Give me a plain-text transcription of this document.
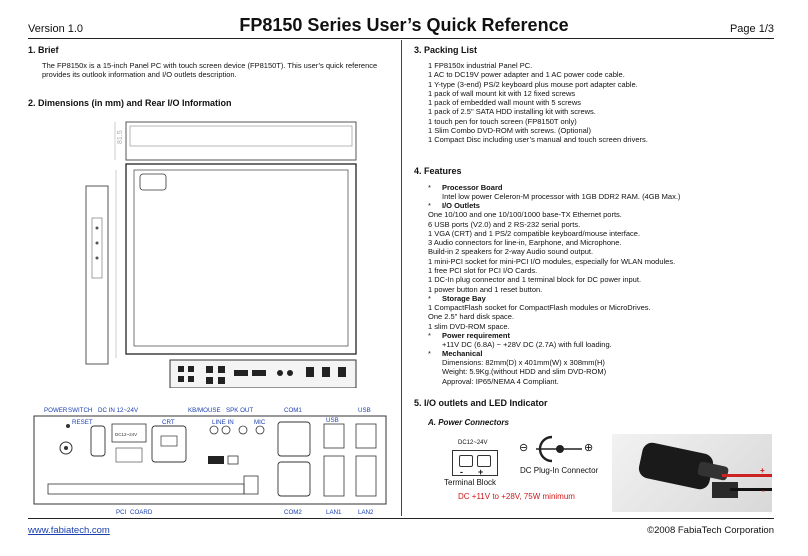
Version 1.0	FP8150 Series User’s Quick Reference	Page 1/3
1. Brief
The FP8150x is a 15-inch Panel PC with touch screen device (FP8150T). This user’s quick reference provides its outlook information and I/O outlets description.
2. Dimensions (in mm) and Rear I/O Information
81.5
DC12~24V
POWER SWITCH
RESET
DC IN 12~24V
CRT
KB/MOUSE SPK OUT
LINE IN	MIC
COM1
USB
USB
PCI COARD	COM2	LAN1	LAN2
3. Packing List
1 FP8150x industrial Panel PC.
1 AC to DC19V power adapter and 1 AC power code cable.
1 Y-type (3-end) PS/2 keyboard plus mouse port adapter cable.
1 pack of wall mount kit with 12 fixed screws
1 pack of embedded wall mount with 5 screws
1 pack of 2.5" SATA HDD installing kit with screws.
1 touch pen for touch screen (FP8150T only)
1 Slim Combo DVD-ROM with screws. (Optional)
1 Compact Disc including user’s manual and touch screen drivers.
4. Features
* Processor Board
Intel low power Celeron-M processor with 1GB DDR2 RAM. (4GB Max.)
* I/O Outlets
One 10/100 and one 10/100/1000 base-TX Ethernet ports.
6 USB ports (V2.0) and 2 RS-232 serial ports.
1 VGA (CRT) and 1 PS/2 compatible keyboard/mouse interface.
3 Audio connectors for line-in, Earphone, and Microphone.
Build-in 2 speakers for 2-way Audio sound output.
1 mini-PCI socket for mini-PCI I/O modules, especially for WLAN modules.
1 free PCI slot for PCI I/O Cards.
1 DC-In plug connector and 1 terminal block for DC power input.
1 power button and 1 reset button.
* Storage Bay
1 CompactFlash socket for CompactFlash modules or MicroDrives.
One 2.5" hard disk space.
1 slim DVD-ROM space.
* Power requirement
+11V DC (6.8A) ~ +28V DC (2.7A) with full loading.
* Mechanical
Dimensions: 82mm(D) x 401mm(W) x 308mm(H)
Weight: 5.9Kg.(without HDD and slim DVD-ROM)
Approval: IP65/NEMA 4 Compliant.
5. I/O outlets and LED Indicator
A. Power Connectors
DC12~24V
- +
Terminal Block
⊖	⊕
DC Plug-In Connector
DC +11V to +28V, 75W minimum
+
-
www.fabiatech.com	©2008 FabiaTech Corporation
